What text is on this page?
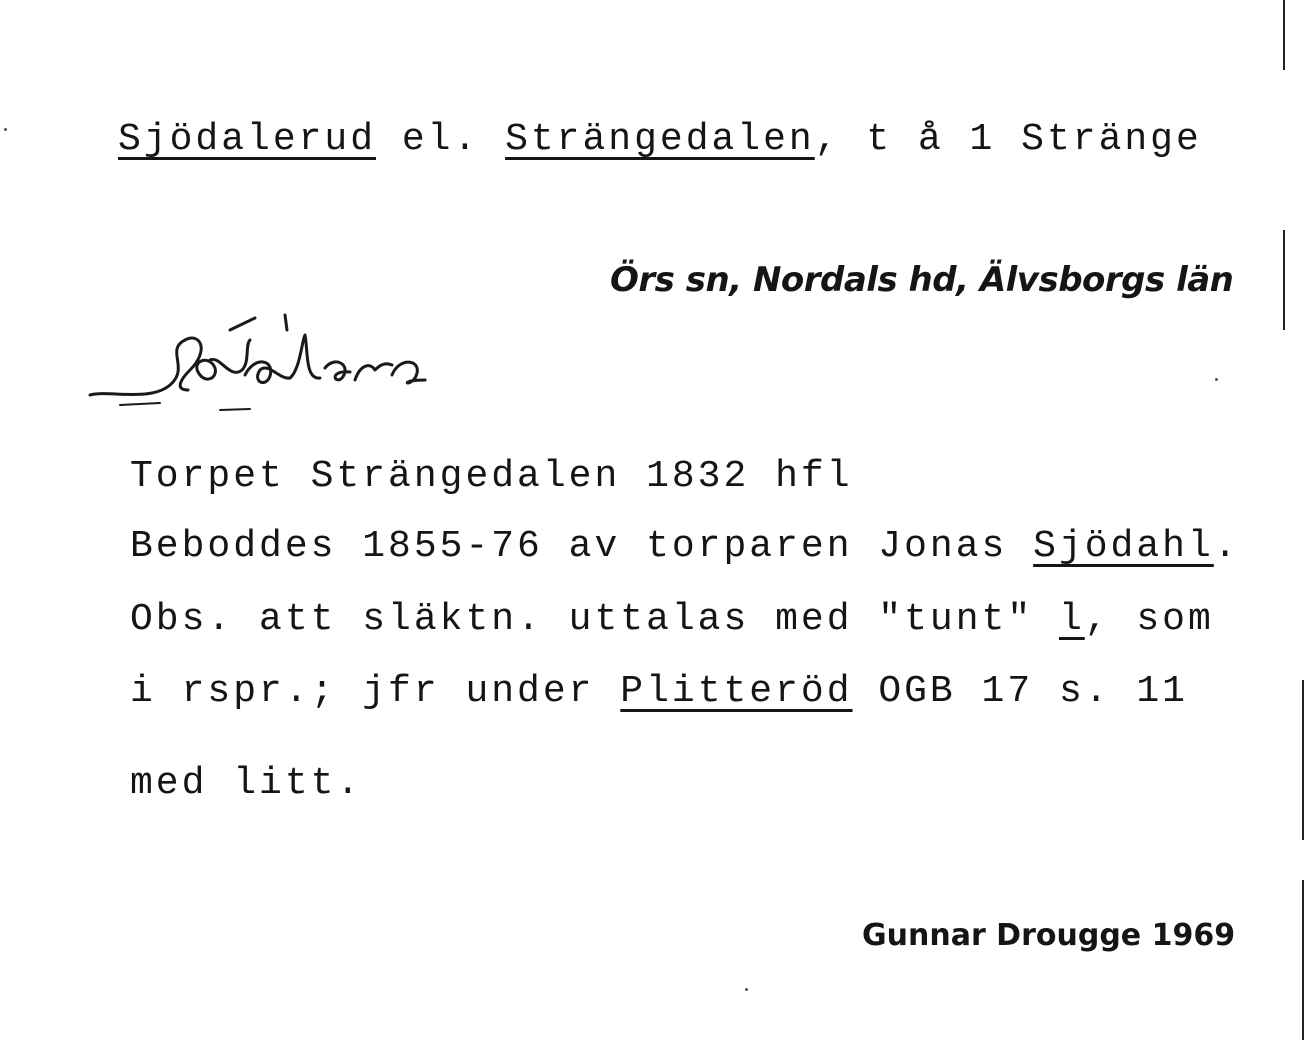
Sjödalerud el. Strängedalen, t å 1 Stränge
Örs sn, Nordals hd, Älvsborgs län
Torpet Strängedalen 1832 hfl
Beboddes 1855-76 av torparen Jonas Sjödahl.
Obs. att släktn. uttalas med "tunt" l, som
i rspr.; jfr under Plitteröd OGB 17 s. 11
med litt.
Gunnar Drougge 1969
